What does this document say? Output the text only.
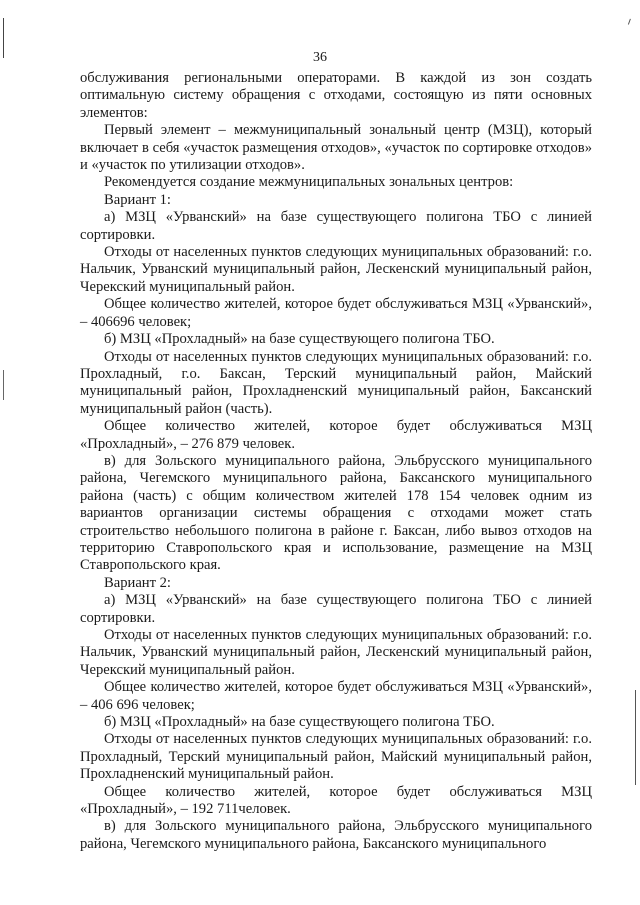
36

обслуживания региональными операторами. В каждой из зон создать оптимальную систему обращения с отходами, состоящую из пяти основных элементов:

Первый элемент – межмуниципальный зональный центр (МЗЦ), который включает в себя «участок размещения отходов», «участок по сортировке отходов» и «участок по утилизации отходов».

Рекомендуется создание межмуниципальных зональных центров:

Вариант 1:

а) МЗЦ «Урванский» на базе существующего полигона ТБО с линией сортировки.

Отходы от населенных пунктов следующих муниципальных образований: г.о. Нальчик, Урванский муниципальный район, Лескенский муниципальный район, Черекский муниципальный район.

Общее количество жителей, которое будет обслуживаться МЗЦ «Урванский», – 406696 человек;

б) МЗЦ «Прохладный» на базе существующего полигона ТБО.

Отходы от населенных пунктов следующих муниципальных образований: г.о. Прохладный, г.о. Баксан, Терский муниципальный район, Майский муниципальный район, Прохладненский муниципальный район, Баксанский муниципальный район (часть).

Общее количество жителей, которое будет обслуживаться МЗЦ «Прохладный», – 276 879 человек.

в) для Зольского муниципального района, Эльбрусского муниципального района, Чегемского муниципального района, Баксанского муниципального района (часть) с общим количеством жителей 178 154 человек одним из вариантов организации системы обращения с отходами может стать строительство небольшого полигона в районе г. Баксан, либо вывоз отходов на территорию Ставропольского края и использование, размещение на МЗЦ Ставропольского края.

Вариант 2:

а) МЗЦ «Урванский» на базе существующего полигона ТБО с линией сортировки.

Отходы от населенных пунктов следующих муниципальных образований: г.о. Нальчик, Урванский муниципальный район, Лескенский муниципальный район, Черекский муниципальный район.

Общее количество жителей, которое будет обслуживаться МЗЦ «Урванский», – 406 696 человек;

б) МЗЦ «Прохладный» на базе существующего полигона ТБО.

Отходы от населенных пунктов следующих муниципальных образований: г.о. Прохладный, Терский муниципальный район, Майский муниципальный район, Прохладненский муниципальный район.

Общее количество жителей, которое будет обслуживаться МЗЦ «Прохладный», – 192 711человек.

в) для Зольского муниципального района, Эльбрусского муниципального района, Чегемского муниципального района, Баксанского муниципального
